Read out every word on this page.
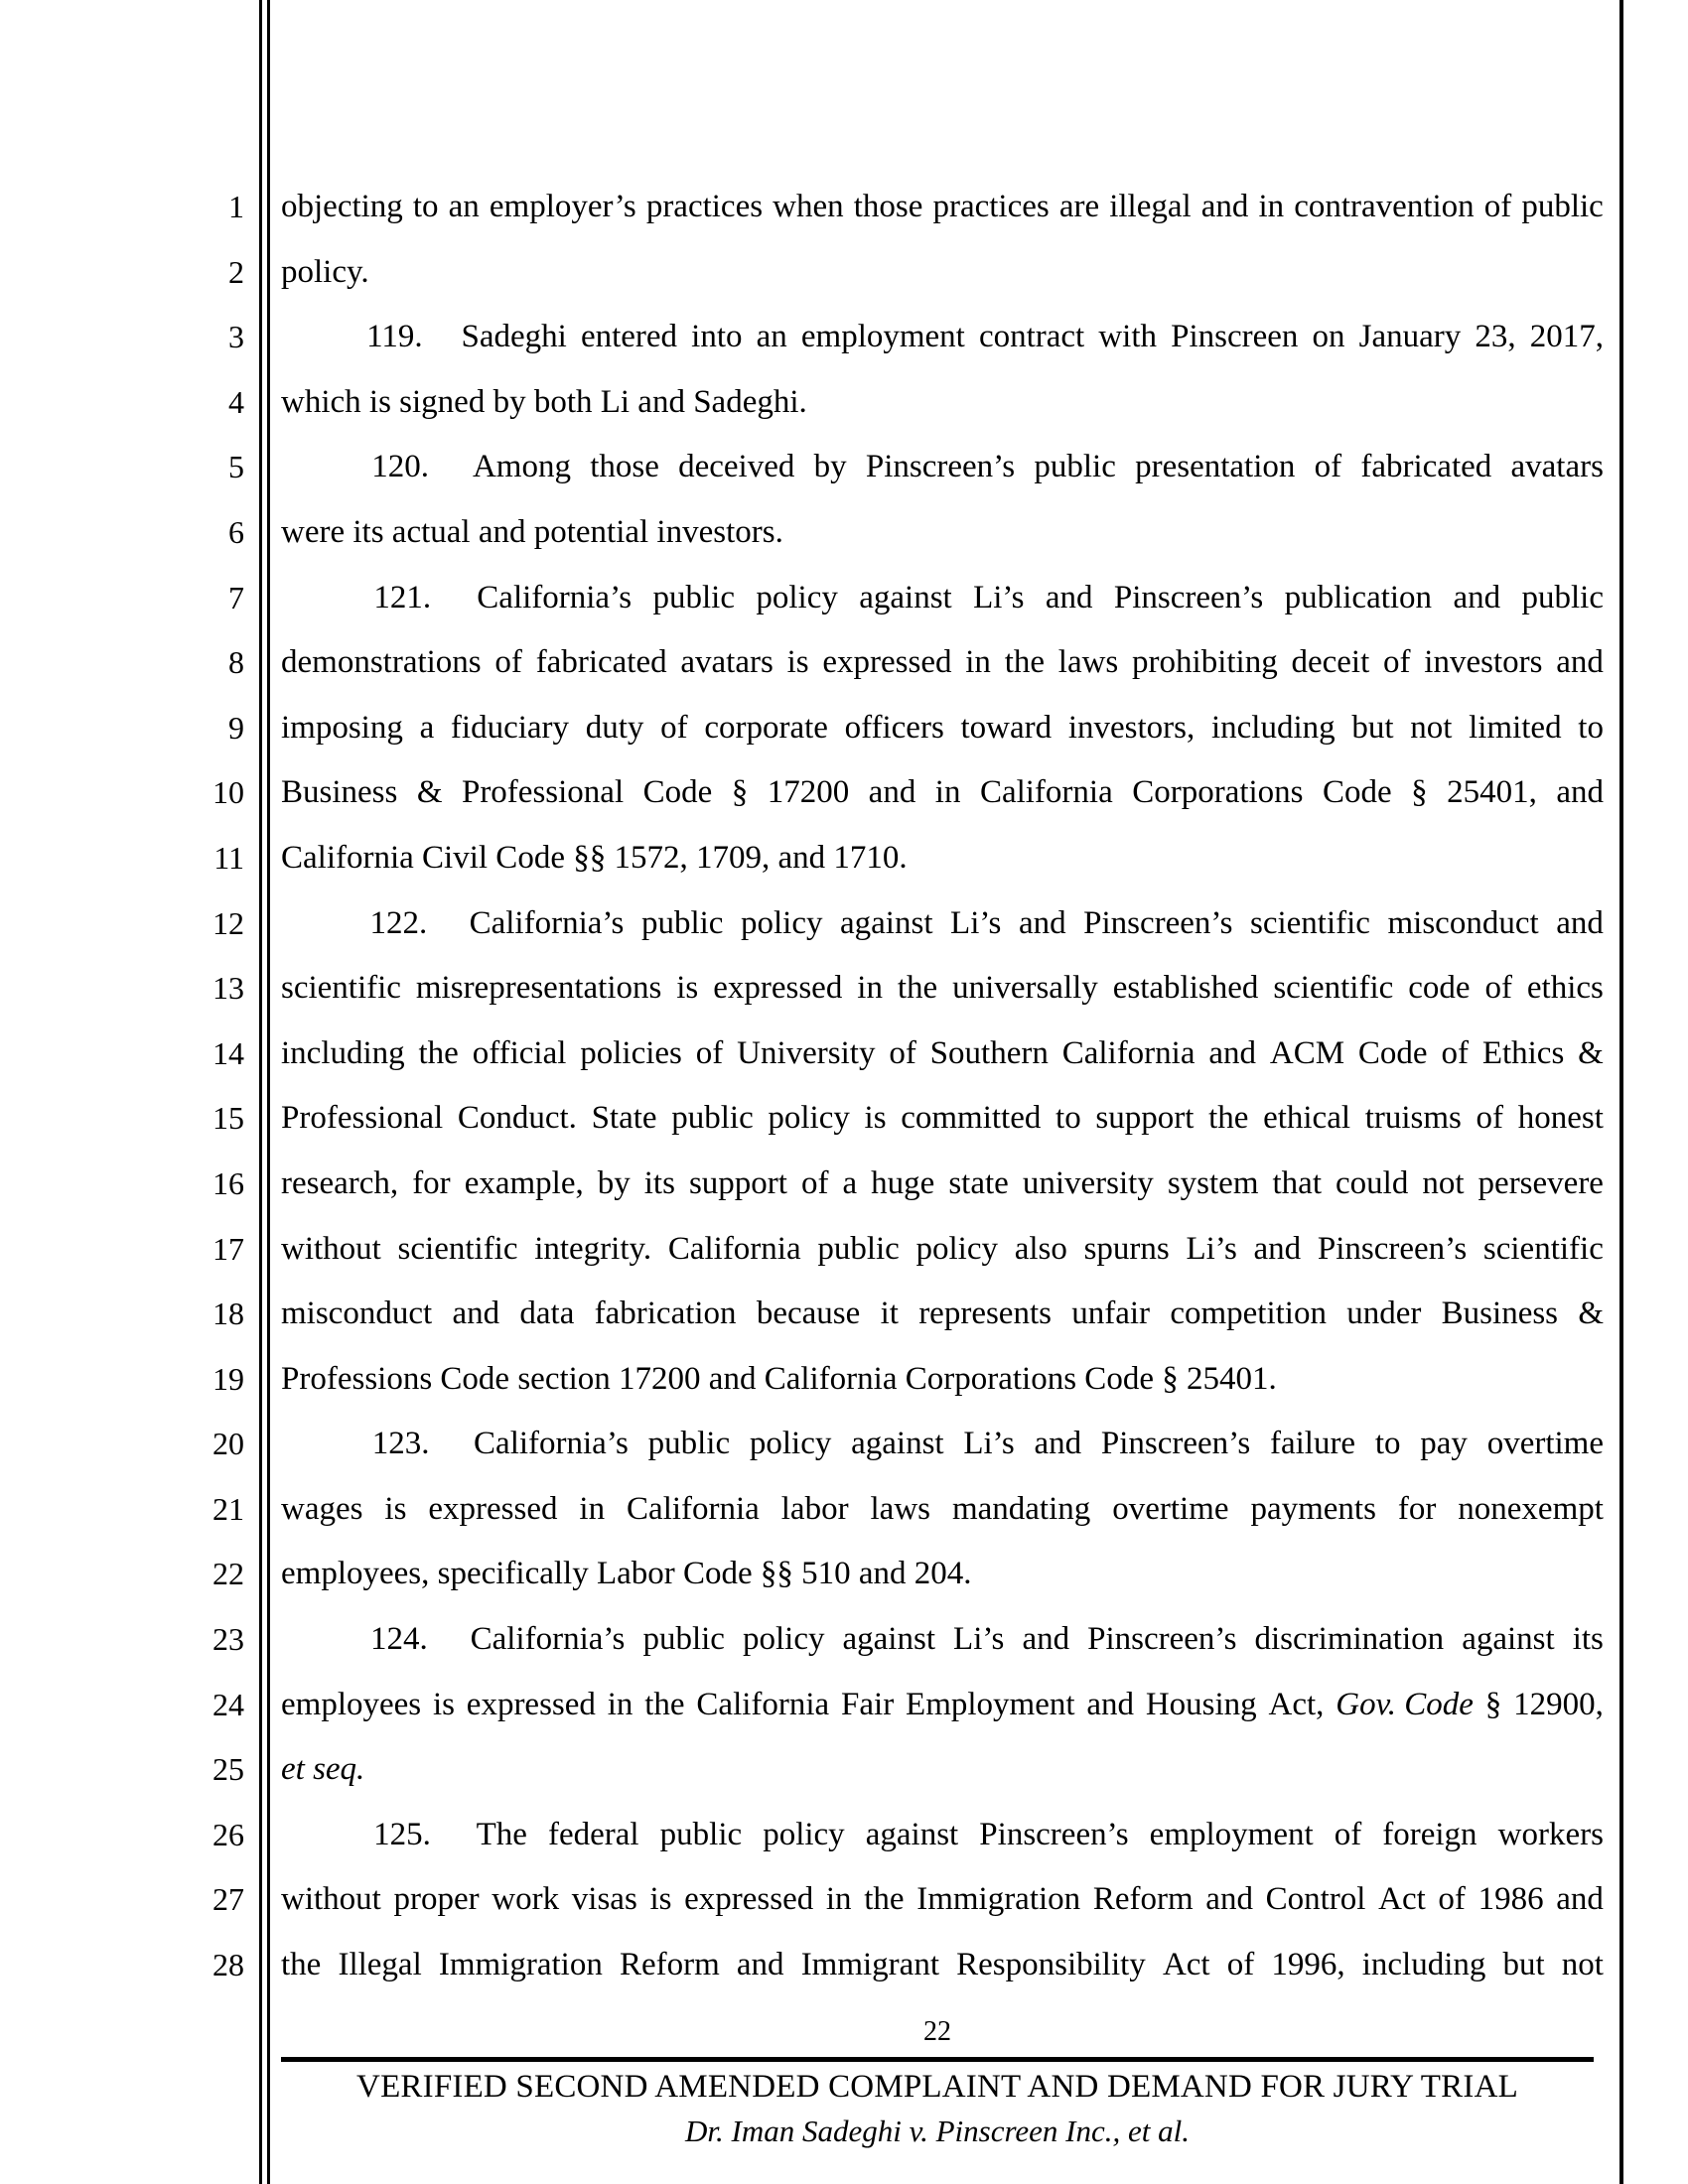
1
2
3
4
5
6
7
8
9
10
11
12
13
14
15
16
17
18
19
20
21
22
23
24
25
26
27
28
objecting to an employer’s practices when those practices are illegal and in contravention of public
policy.
119. Sadeghi entered into an employment contract with Pinscreen on January 23, 2017,
which is signed by both Li and Sadeghi.
120. Among those deceived by Pinscreen’s public presentation of fabricated avatars
were its actual and potential investors.
121. California’s public policy against Li’s and Pinscreen’s publication and public
demonstrations of fabricated avatars is expressed in the laws prohibiting deceit of investors and
imposing a fiduciary duty of corporate officers toward investors, including but not limited to
Business & Professional Code § 17200 and in California Corporations Code § 25401, and
California Civil Code §§ 1572, 1709, and 1710.
122. California’s public policy against Li’s and Pinscreen’s scientific misconduct and
scientific misrepresentations is expressed in the universally established scientific code of ethics
including the official policies of University of Southern California and ACM Code of Ethics &
Professional Conduct. State public policy is committed to support the ethical truisms of honest
research, for example, by its support of a huge state university system that could not persevere
without scientific integrity. California public policy also spurns Li’s and Pinscreen’s scientific
misconduct and data fabrication because it represents unfair competition under Business &
Professions Code section 17200 and California Corporations Code § 25401.
123. California’s public policy against Li’s and Pinscreen’s failure to pay overtime
wages is expressed in California labor laws mandating overtime payments for nonexempt
employees, specifically Labor Code §§ 510 and 204.
124. California’s public policy against Li’s and Pinscreen’s discrimination against its
employees is expressed in the California Fair Employment and Housing Act, Gov. Code § 12900,
et seq.
125. The federal public policy against Pinscreen’s employment of foreign workers
without proper work visas is expressed in the Immigration Reform and Control Act of 1986 and
the Illegal Immigration Reform and Immigrant Responsibility Act of 1996, including but not
22
VERIFIED SECOND AMENDED COMPLAINT AND DEMAND FOR JURY TRIAL
Dr. Iman Sadeghi v. Pinscreen Inc., et al.
